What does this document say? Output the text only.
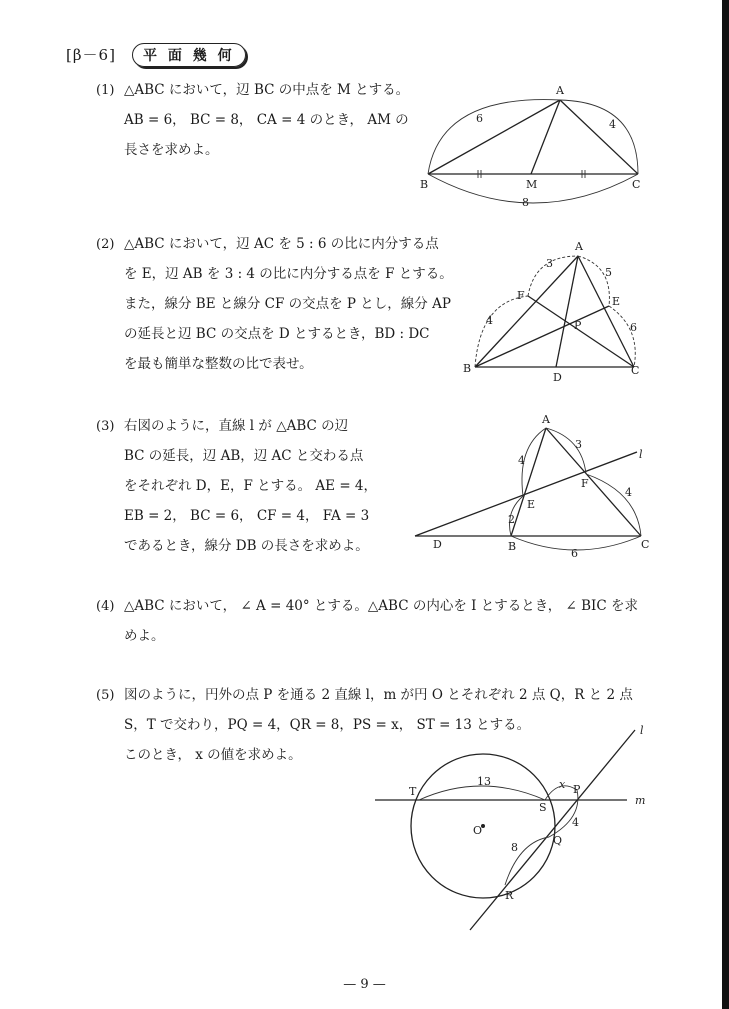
[β－6]	平 面 幾 何
(1) △ABC において，辺 BC の中点を M とする。
AB = 6， BC = 8， CA = 4 のとき， AM の
長さを求めよ。
(2) △ABC において，辺 AC を 5 : 6 の比に内分する点
を E，辺 AB を 3 : 4 の比に内分する点を F とする。
また，線分 BE と線分 CF の交点を P とし，線分 AP
の延長と辺 BC の交点を D とするとき，BD : DC
を最も簡単な整数の比で表せ。
(3) 右図のように，直線 l が △ABC の辺
BC の延長，辺 AB，辺 AC と交わる点
をそれぞれ D，E，F とする。 AE = 4，
EB = 2， BC = 6， CF = 4， FA = 3
であるとき，線分 DB の長さを求めよ。
(4) △ABC において， ∠ A = 40° とする。△ABC の内心を I とするとき， ∠ BIC を求
めよ。
(5) 図のように，円外の点 P を通る 2 直線 l，m が円 O とそれぞれ 2 点 Q，R と 2 点
S，T で交わり，PQ = 4，QR = 8，PS = x， ST = 13 とする。
このとき， x の値を求めよ。
A
B	C
M
6	4
8
A
B	C
D
E
F
P
3
4
5
6
A
B	C
D
E
F
l
4
2
3
4
6
O
P
Q
R
S
T
l
m
13	x
4
8
— 9 —
